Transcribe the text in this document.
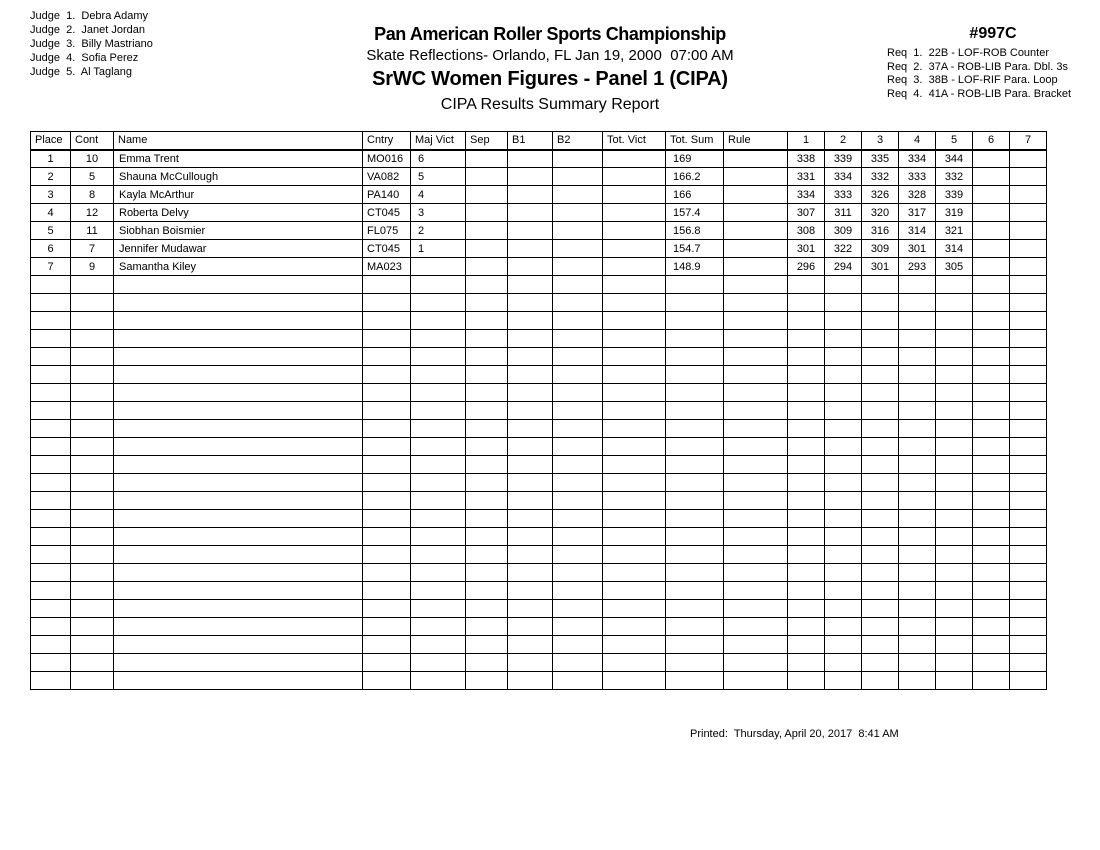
Judge  1.  Debra Adamy
Judge  2.  Janet Jordan
Judge  3.  Billy Mastriano
Judge  4.  Sofia Perez
Judge  5.  Al Taglang
Pan American Roller Sports Championship
Skate Reflections- Orlando, FL Jan 19, 2000  07:00 AM
SrWC Women Figures - Panel 1 (CIPA)
CIPA Results Summary Report
#997C
Req  1.  22B - LOF-ROB Counter
Req  2.  37A - ROB-LIB Para. Dbl. 3s
Req  3.  38B - LOF-RIF Para. Loop
Req  4.  41A - ROB-LIB Para. Bracket
Place	Cont	Name	Cntry	Maj Vict	Sep	B1	B2	Tot. Vict	Tot. Sum	Rule	1	2	3	4	5	6	7
1	10	Emma Trent	MO016	6					169		338	339	335	334	344		
2	5	Shauna McCullough	VA082	5					166.2		331	334	332	333	332		
3	8	Kayla McArthur	PA140	4					166		334	333	326	328	339		
4	12	Roberta Delvy	CT045	3					157.4		307	311	320	317	319		
5	11	Siobhan Boismier	FL075	2					156.8		308	309	316	314	321		
6	7	Jennifer Mudawar	CT045	1					154.7		301	322	309	301	314		
7	9	Samantha Kiley	MA023						148.9		296	294	301	293	305		

Printed:  Thursday, April 20, 2017  8:41 AM
